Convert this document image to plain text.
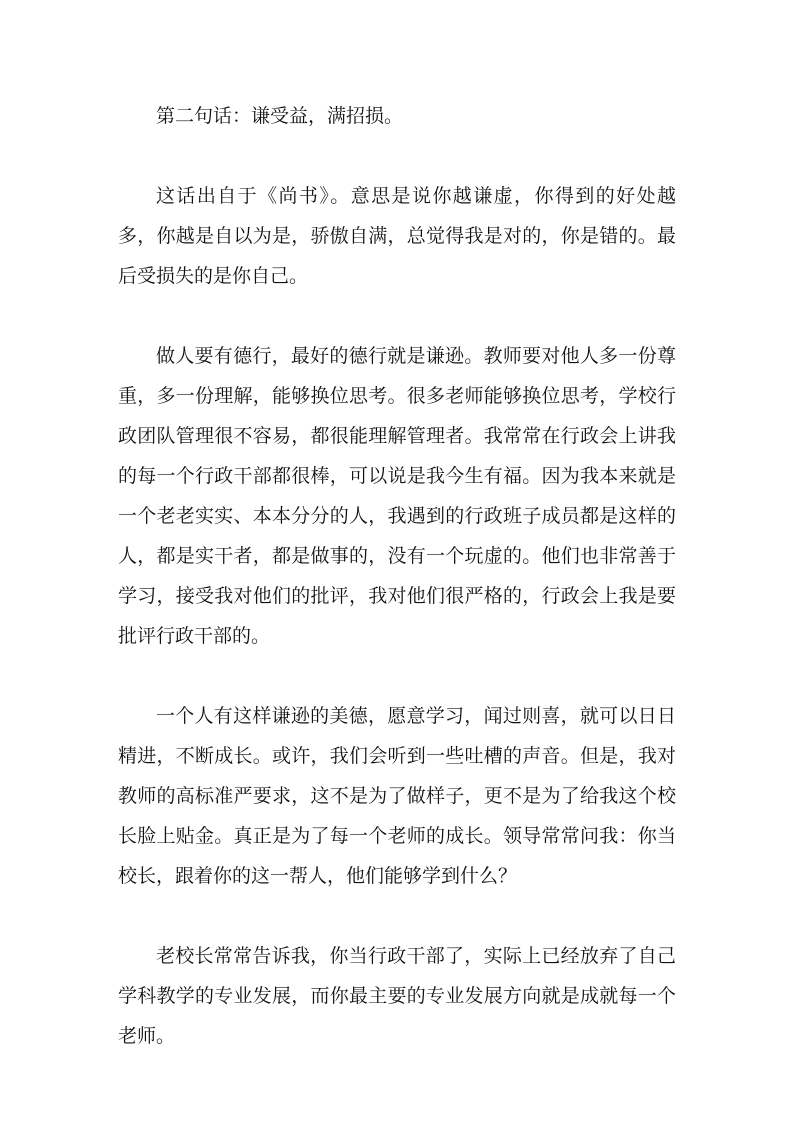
第二句话：谦受益，满招损。

这话出自于《尚书》。意思是说你越谦虚，你得到的好处越多，你越是自以为是，骄傲自满，总觉得我是对的，你是错的。最后受损失的是你自己。

做人要有德行，最好的德行就是谦逊。教师要对他人多一份尊重，多一份理解，能够换位思考。很多老师能够换位思考，学校行政团队管理很不容易，都很能理解管理者。我常常在行政会上讲我的每一个行政干部都很棒，可以说是我今生有福。因为我本来就是一个老老实实、本本分分的人，我遇到的行政班子成员都是这样的人，都是实干者，都是做事的，没有一个玩虚的。他们也非常善于学习，接受我对他们的批评，我对他们很严格的，行政会上我是要批评行政干部的。

一个人有这样谦逊的美德，愿意学习，闻过则喜，就可以日日精进，不断成长。或许，我们会听到一些吐槽的声音。但是，我对教师的高标准严要求，这不是为了做样子，更不是为了给我这个校长脸上贴金。真正是为了每一个老师的成长。领导常常问我：你当校长，跟着你的这一帮人，他们能够学到什么？

老校长常常告诉我，你当行政干部了，实际上已经放弃了自己学科教学的专业发展，而你最主要的专业发展方向就是成就每一个老师。
